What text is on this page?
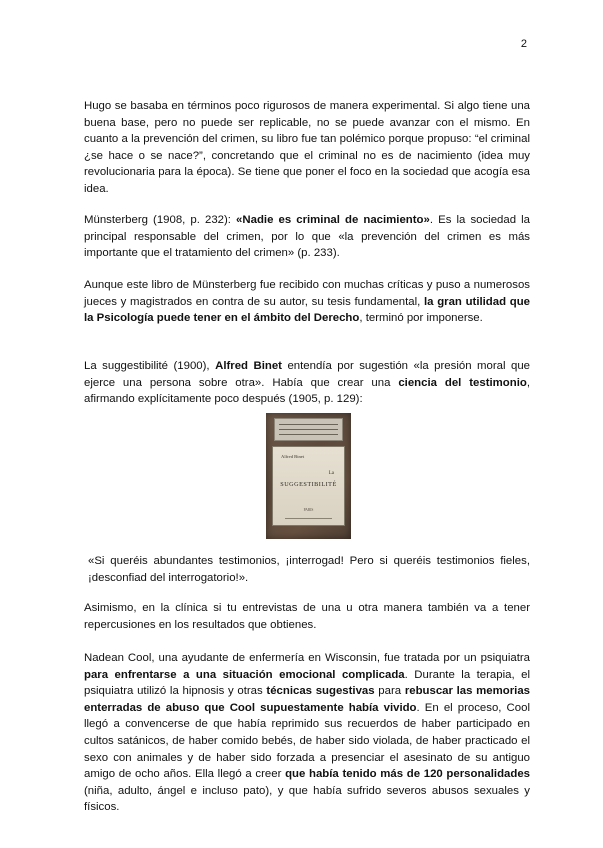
2

Hugo se basaba en términos poco rigurosos de manera experimental. Si algo tiene una buena base, pero no puede ser replicable, no se puede avanzar con el mismo. En cuanto a la prevención del crimen, su libro fue tan polémico porque propuso: “el criminal ¿se hace o se nace?”, concretando que el criminal no es de nacimiento (idea muy revolucionaria para la época). Se tiene que poner el foco en la sociedad que acogía esa idea.

Münsterberg (1908, p. 232): «Nadie es criminal de nacimiento». Es la sociedad la principal responsable del crimen, por lo que «la prevención del crimen es más importante que el tratamiento del crimen» (p. 233).

Aunque este libro de Münsterberg fue recibido con muchas críticas y puso a numerosos jueces y magistrados en contra de su autor, su tesis fundamental, la gran utilidad que la Psicología puede tener en el ámbito del Derecho, terminó por imponerse.

La suggestibilité (1900), Alfred Binet entendía por sugestión «la presión moral que ejerce una persona sobre otra». Había que crear una ciencia del testimonio, afirmando explícitamente poco después (1905, p. 129):

Alfred Binet
La
SUGGESTIBILITÉ
PARIS

«Si queréis abundantes testimonios, ¡interrogad! Pero si queréis testimonios fieles, ¡desconfiad del interrogatorio!».

Asimismo, en la clínica si tu entrevistas de una u otra manera también va a tener repercusiones en los resultados que obtienes.

Nadean Cool, una ayudante de enfermería en Wisconsin, fue tratada por un psiquiatra para enfrentarse a una situación emocional complicada. Durante la terapia, el psiquiatra utilizó la hipnosis y otras técnicas sugestivas para rebuscar las memorias enterradas de abuso que Cool supuestamente había vivido. En el proceso, Cool llegó a convencerse de que había reprimido sus recuerdos de haber participado en cultos satánicos, de haber comido bebés, de haber sido violada, de haber practicado el sexo con animales y de haber sido forzada a presenciar el asesinato de su antiguo amigo de ocho años. Ella llegó a creer que había tenido más de 120 personalidades (niña, adulto, ángel e incluso pato), y que había sufrido severos abusos sexuales y físicos.
